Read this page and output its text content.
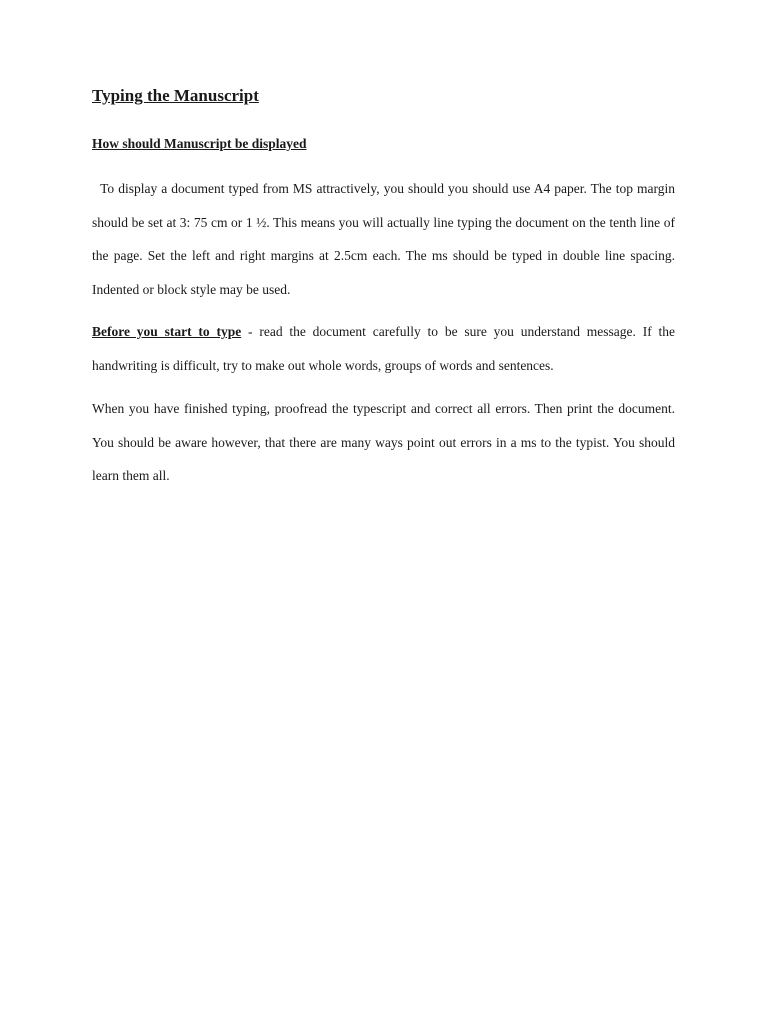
Typing the Manuscript
How should Manuscript be displayed

To display a document typed from MS attractively, you should you should use A4 paper. The top margin should be set at 3: 75 cm or 1 ½. This means you will actually line typing the document on the tenth line of the page. Set the left and right margins at 2.5cm each. The ms should be typed in double line spacing. Indented or block style may be used.

Before you start to type - read the document carefully to be sure you understand message. If the handwriting is difficult, try to make out whole words, groups of words and sentences.

When you have finished typing, proofread the typescript and correct all errors. Then print the document. You should be aware however, that there are many ways point out errors in a ms to the typist. You should learn them all.
